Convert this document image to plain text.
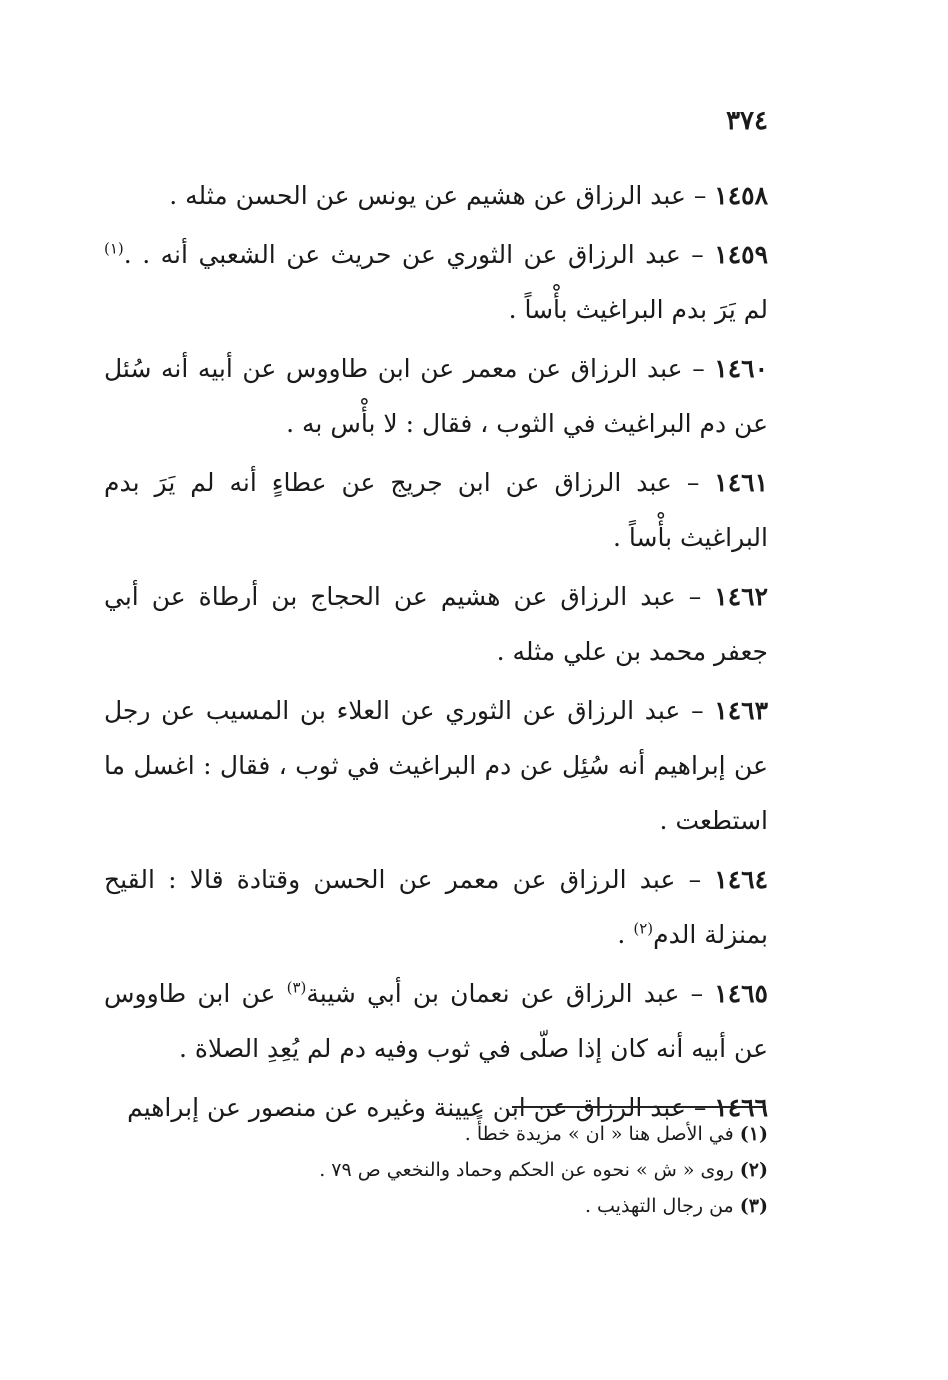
٣٧٤

١٤٥٨ – عبد الرزاق عن هشيم عن يونس عن الحسن مثله .

١٤٥٩ – عبد الرزاق عن الثوري عن حريث عن الشعبي أنه . .$^{(١)}$ لم يَرَ بدم البراغيث بأْساً .

١٤٦٠ – عبد الرزاق عن معمر عن ابن طاووس عن أبيه أنه سُئل عن دم البراغيث في الثوب ، فقال : لا بأْس به .

١٤٦١ – عبد الرزاق عن ابن جريج عن عطاءٍ أنه لم يَرَ بدم البراغيث بأْساً .

١٤٦٢ – عبد الرزاق عن هشيم عن الحجاج بن أرطاة عن أبي جعفر محمد بن علي مثله .

١٤٦٣ – عبد الرزاق عن الثوري عن العلاء بن المسيب عن رجل عن إبراهيم أنه سُئِل عن دم البراغيث في ثوب ، فقال : اغسل ما استطعت .

١٤٦٤ – عبد الرزاق عن معمر عن الحسن وقتادة قالا : القيح بمنزلة الدم$^{(٢)}$ .

١٤٦٥ – عبد الرزاق عن نعمان بن أبي شيبة$^{(٣)}$ عن ابن طاووس عن أبيه أنه كان إذا صلّى في ثوب وفيه دم لم يُعِدِ الصلاة .

١٤٦٦ – عبد الرزاق عن ابن عيينة وغيره عن منصور عن إبراهيم

(١) في الأصل هنا « ان » مزيدة خطأً .
(٢) روى « ش » نحوه عن الحكم وحماد والنخعي ص ٧٩ .
(٣) من رجال التهذيب .
